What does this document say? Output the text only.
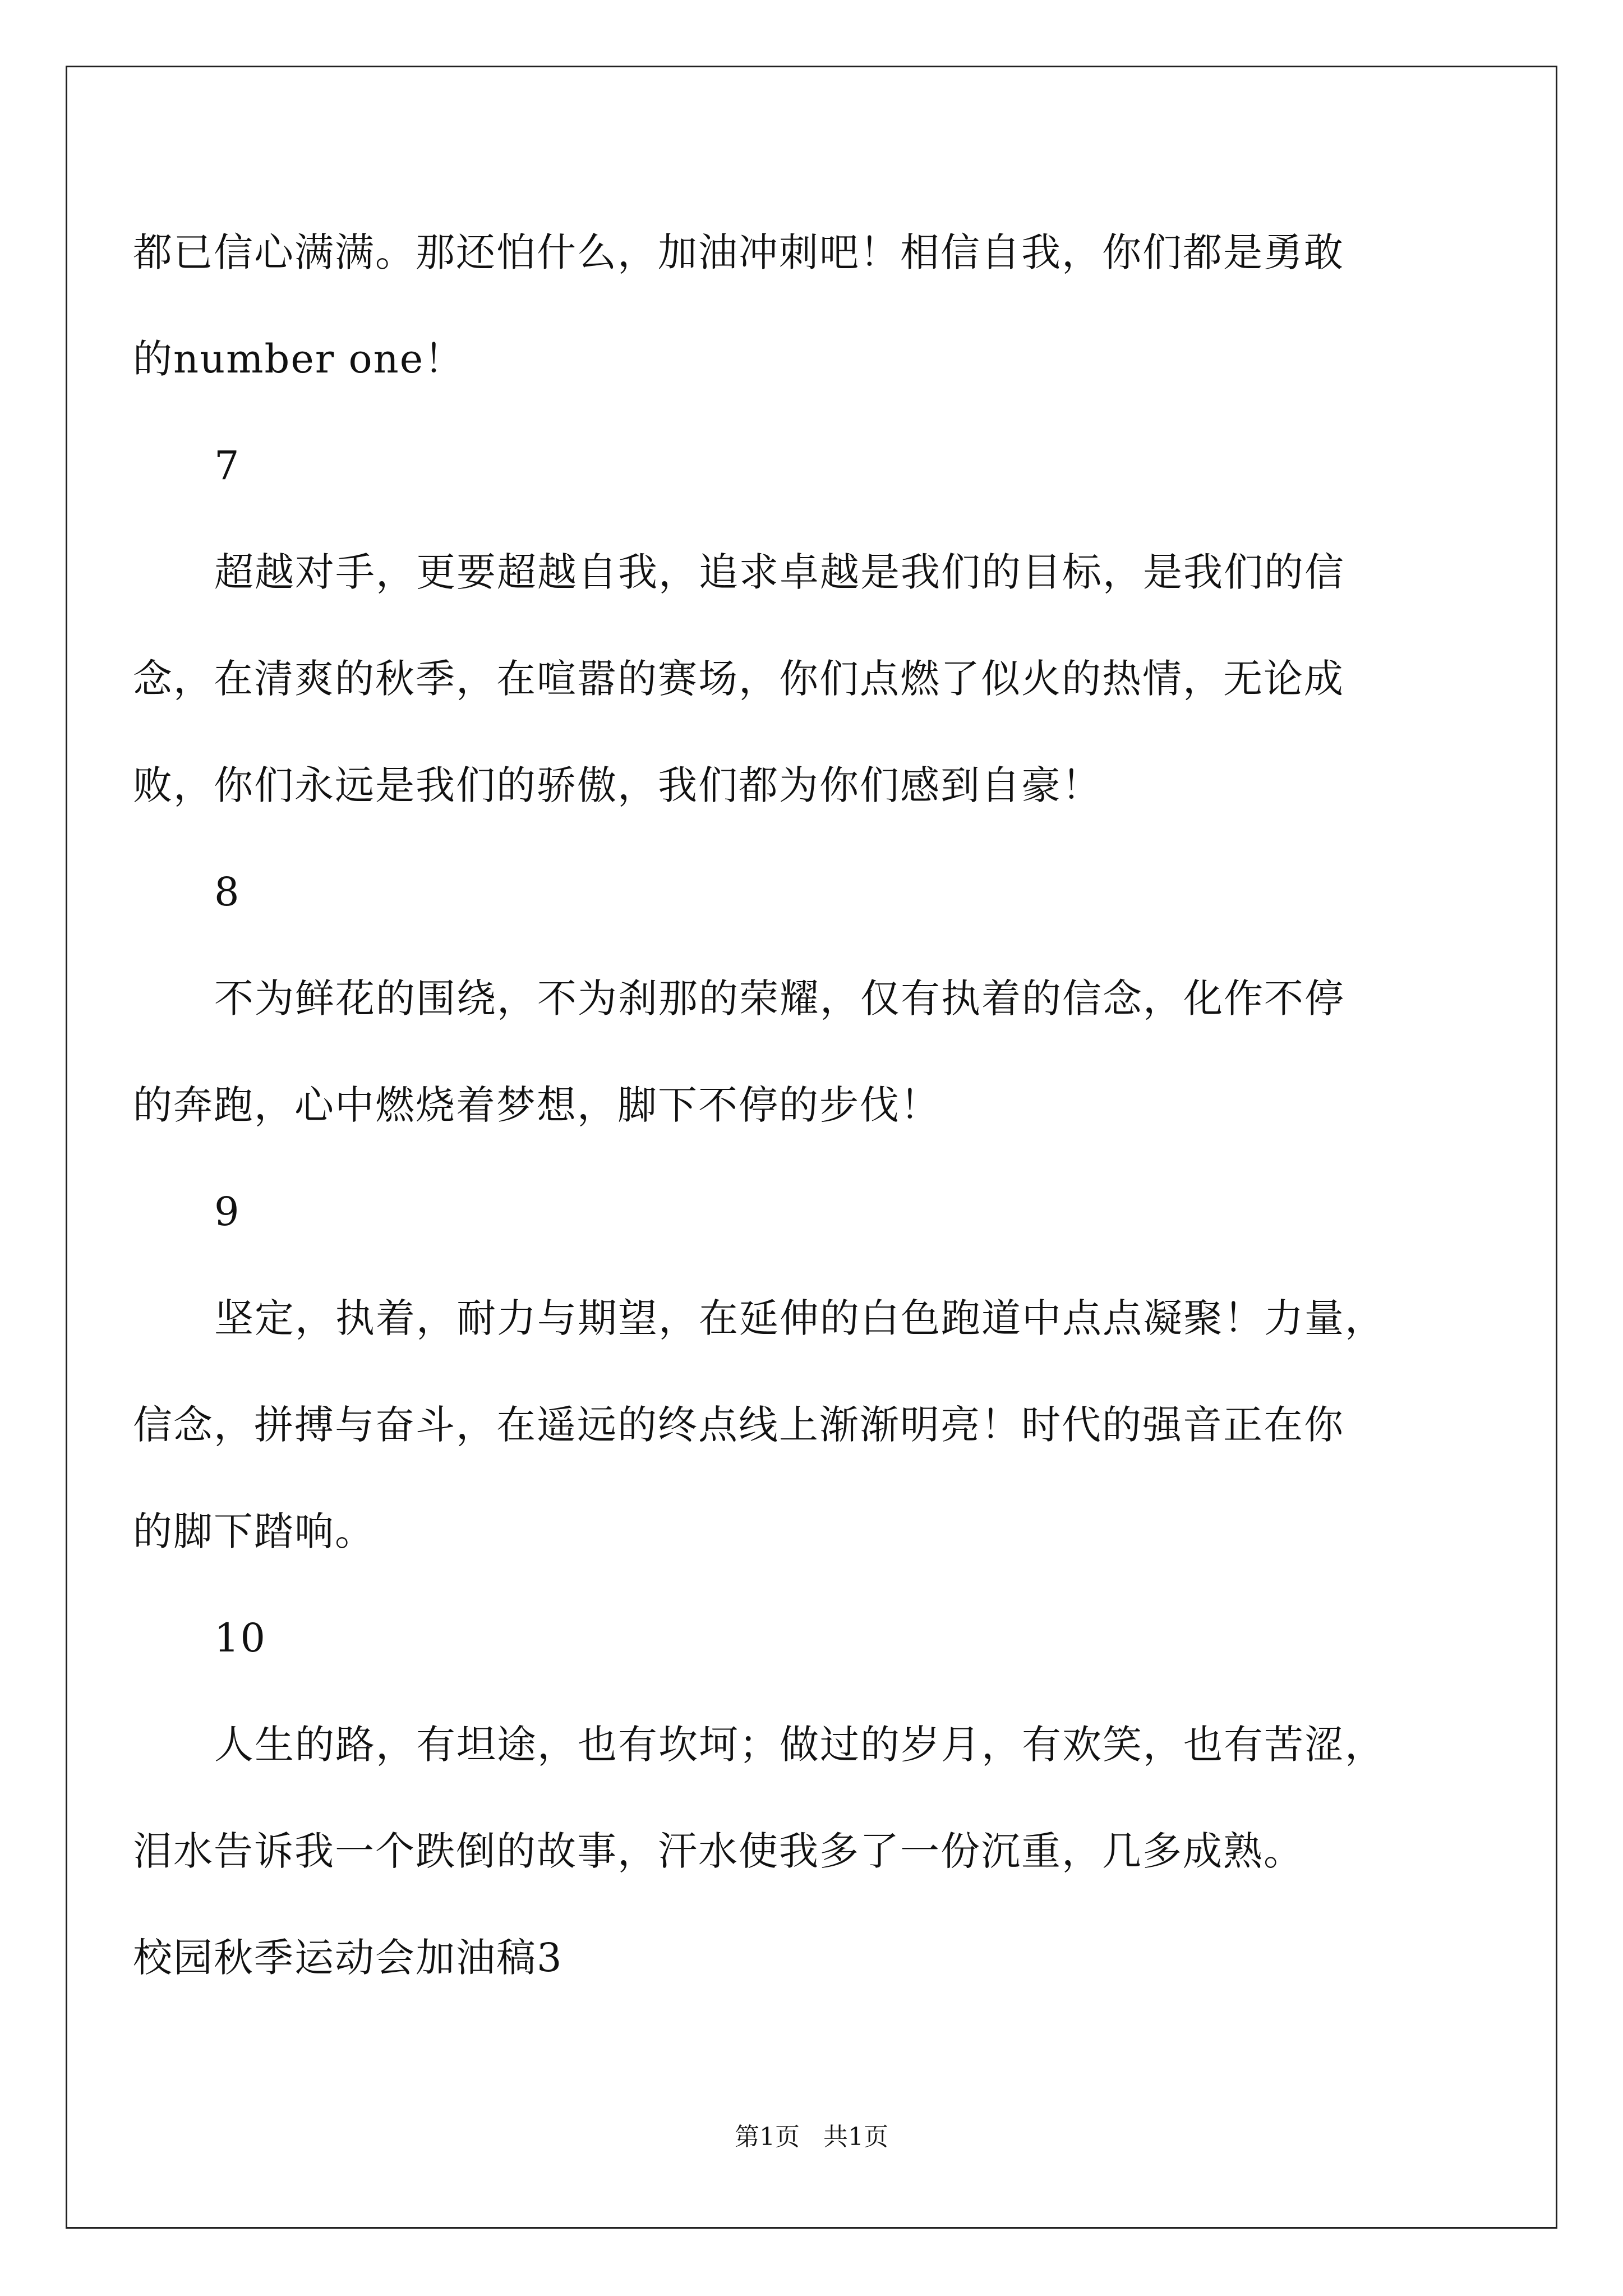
都已信心满满。那还怕什么，加油冲刺吧！相信自我，你们都是勇敢
的number one！
7
超越对手，更要超越自我，追求卓越是我们的目标，是我们的信
念，在清爽的秋季，在喧嚣的赛场，你们点燃了似火的热情，无论成
败，你们永远是我们的骄傲，我们都为你们感到自豪！
8
不为鲜花的围绕，不为刹那的荣耀，仅有执着的信念，化作不停
的奔跑，心中燃烧着梦想，脚下不停的步伐！
9
坚定，执着，耐力与期望，在延伸的白色跑道中点点凝聚！力量，
信念，拼搏与奋斗，在遥远的终点线上渐渐明亮！时代的强音正在你
的脚下踏响。
10
人生的路，有坦途，也有坎坷；做过的岁月，有欢笑，也有苦涩，
泪水告诉我一个跌倒的故事，汗水使我多了一份沉重，几多成熟。
校园秋季运动会加油稿3
第1页 共1页
